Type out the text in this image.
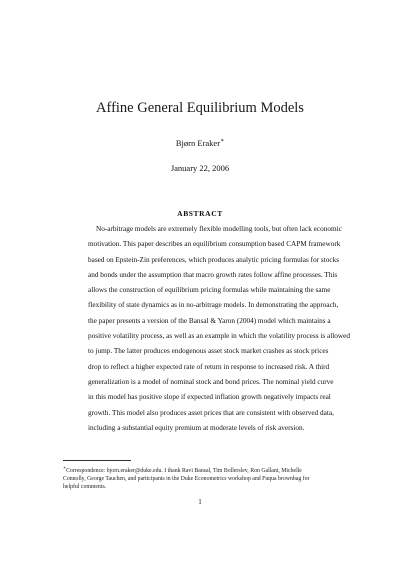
Affine General Equilibrium Models
Bjørn Eraker∗
January 22, 2006
ABSTRACT

No-arbitrage models are extremely flexible modelling tools, but often lack economic
motivation. This paper describes an equilibrium consumption based CAPM framework
based on Epstein-Zin preferences, which produces analytic pricing formulas for stocks
and bonds under the assumption that macro growth rates follow affine processes. This
allows the construction of equilibrium pricing formulas while maintaining the same
flexibility of state dynamics as in no-arbitrage models. In demonstrating the approach,
the paper presents a version of the Bansal & Yaron (2004) model which maintains a
positive volatility process, as well as an example in which the volatility process is allowed
to jump. The latter produces endogenous asset stock market crashes as stock prices
drop to reflect a higher expected rate of return in response to increased risk. A third
generalization is a model of nominal stock and bond prices. The nominal yield curve
in this model has positive slope if expected inflation growth negatively impacts real
growth. This model also produces asset prices that are consistent with observed data,
including a substantial equity premium at moderate levels of risk aversion.

∗Correspondence: bjorn.eraker@duke.edu. I thank Ravi Bansal, Tim Bollerslev, Ron Gallant, Michelle
Connolly, George Tauchen, and participants in the Duke Econometrics workshop and Fuqua brownbag for
helpful comments.

1
